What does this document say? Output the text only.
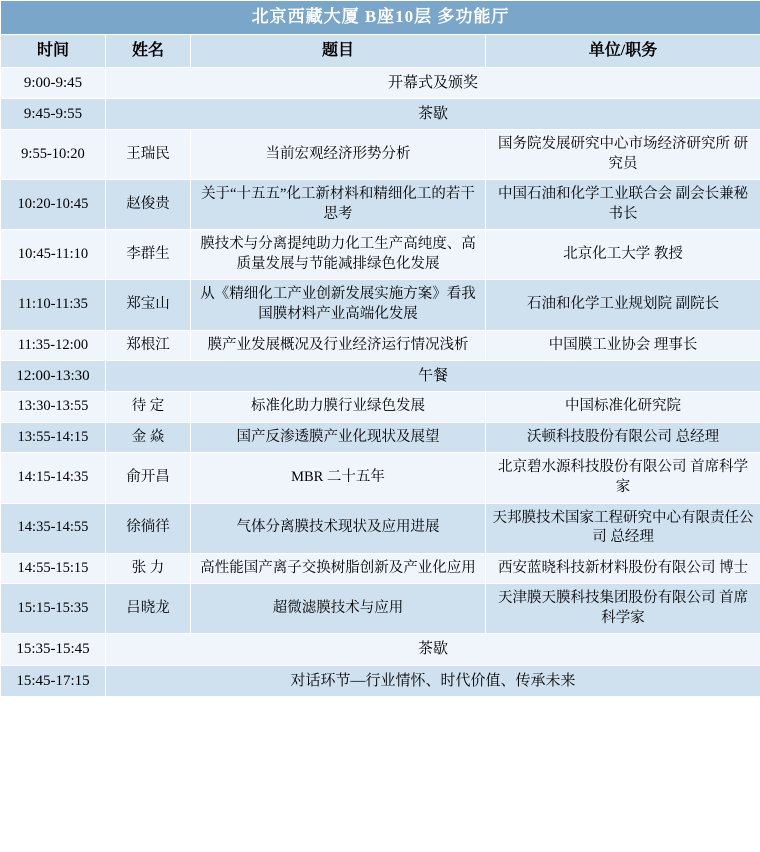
北京西藏大厦 B座10层 多功能厅			
时间	姓名	题目	单位/职务
9:00-9:45	开幕式及颁奖		
9:45-9:55	茶歇		
9:55-10:20	王瑞民	当前宏观经济形势分析	国务院发展研究中心市场经济研究所 研究员
10:20-10:45	赵俊贵	关于“十五五”化工新材料和精细化工的若干思考	中国石油和化学工业联合会 副会长兼秘书长
10:45-11:10	李群生	膜技术与分离提纯助力化工生产高纯度、高质量发展与节能减排绿色化发展	北京化工大学 教授
11:10-11:35	郑宝山	从《精细化工产业创新发展实施方案》看我国膜材料产业高端化发展	石油和化学工业规划院 副院长
11:35-12:00	郑根江	膜产业发展概况及行业经济运行情况浅析	中国膜工业协会 理事长
12:00-13:30	午餐		
13:30-13:55	待 定	标准化助力膜行业绿色发展	中国标准化研究院
13:55-14:15	金 焱	国产反渗透膜产业化现状及展望	沃顿科技股份有限公司 总经理
14:15-14:35	俞开昌	MBR 二十五年	北京碧水源科技股份有限公司 首席科学家
14:35-14:55	徐徜徉	气体分离膜技术现状及应用进展	天邦膜技术国家工程研究中心有限责任公司 总经理
14:55-15:15	张 力	高性能国产离子交换树脂创新及产业化应用	西安蓝晓科技新材料股份有限公司 博士
15:15-15:35	吕晓龙	超微滤膜技术与应用	天津膜天膜科技集团股份有限公司 首席科学家
15:35-15:45	茶歇		
15:45-17:15	对话环节—行业情怀、时代价值、传承未来		
